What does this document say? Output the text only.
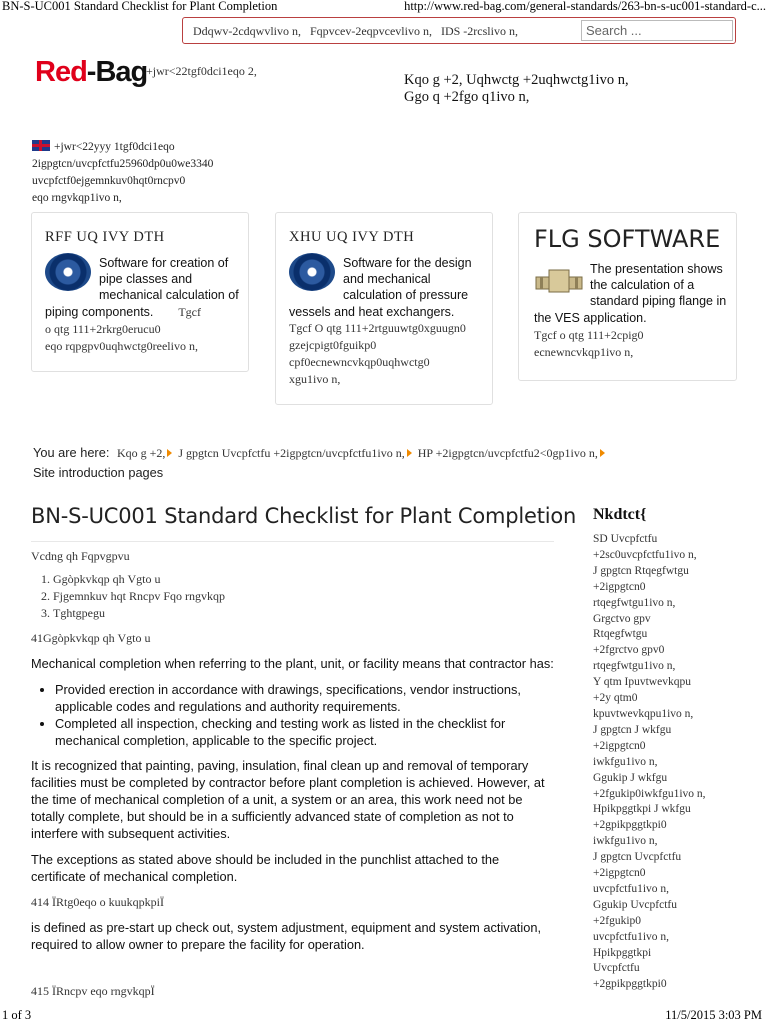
BN-S-UC001 Standard Checklist for Plant Completion	http://www.red-bag.com/general-standards/263-bn-s-uc001-standard-c...
Ddqwv-2cdqwvlivo n, Fqpvcev-2eqpvcevlivo n, IDS -2rcslivo n,	Search ...
Red-Bag
+jwr<22tgf0dci1eqo 2,
Kqo g +2, Uqhwctg +2uqhwctg1ivo n,
Ggo q +2fgo q1ivo n,
+jwr<22yyy 1tgf0dci1eqo
2igpgtcn/uvcpfctfu25960dp0u0we3340
uvcpfctf0ejgemnkuv0hqt0rncpv0
eqo rngvkqp1ivo n,
RFF UQ IVY DTH
Software for creation of pipe classes and mechanical calculation of piping components.	Tgcf
o qtg 111+2rkrg0erucu0
eqo rqpgpv0uqhwctg0reelivo n,
XHU UQ IVY DTH
Software for the design and mechanical calculation of pressure vessels and heat exchangers.
Tgcf O qtg 111+2rtguuwtg0xguugn0
gzejcpigt0fguikp0
cpf0ecnewncvkqp0uqhwctg0
xgu1ivo n,
FLG SOFTWARE
The presentation shows the calculation of a standard piping flange in the VES application.
Tgcf o qtg 111+2cpig0
ecnewncvkqp1ivo n,
You are here: Kqo g +2, J gpgtcn Uvcpfctfu +2igpgtcn/uvcpfctfu1ivo n, HP +2igpgtcn/uvcpfctfu2<0gp1ivo n,
Site introduction pages
BN-S-UC001 Standard Checklist for Plant Completion
Vcdng qh Fqpvgpvu
1. Ggòpkvkqp qh Vgto u
2. Fjgemnkuv hqt Rncpv Fqo rngvkqp
3. Tghtgpegu
41Ggòpkvkqp qh Vgto u

Mechanical completion when referring to the plant, unit, or facility means that contractor has:

• Provided erection in accordance with drawings, specifications, vendor instructions, applicable codes and regulations and authority requirements.
• Completed all inspection, checking and testing work as listed in the checklist for mechanical completion, applicable to the specific project.

It is recognized that painting, paving, insulation, final clean up and removal of temporary facilities must be completed by contractor before plant completion is achieved. However, at the time of mechanical completion of a unit, a system or an area, this work need not be totally complete, but should be in a sufficiently advanced state of completion as not to interfere with subsequent activities.

The exceptions as stated above should be included in the punchlist attached to the certificate of mechanical completion.

414 ÏRtg0eqo o kuukqpkpiÏ

is defined as pre-start up check out, system adjustment, equipment and system activation, required to allow owner to prepare the facility for operation.

415 ÏRncpv eqo rngvkqpÏ
Nkdtct{
SD Uvcpfctfu
+2sc0uvcpfctfu1ivo n,
J gpgtcn Rtqegfwtgu
+2igpgtcn0
rtqegfwtgu1ivo n,
Grgctvo gpv
Rtqegfwtgu
+2fgrctvo gpv0
rtqegfwtgu1ivo n,
Y qtm Ipuvtwevkqpu
+2y qtm0
kpuvtwevkqpu1ivo n,
J gpgtcn J wkfgu
+2igpgtcn0
iwkfgu1ivo n,
Ggukip J wkfgu
+2fgukip0iwkfgu1ivo n,
Hpikpggtkpi J wkfgu
+2gpikpggtkpi0
iwkfgu1ivo n,
J gpgtcn Uvcpfctfu
+2igpgtcn0
uvcpfctfu1ivo n,
Ggukip Uvcpfctfu
+2fgukip0
uvcpfctfu1ivo n,
Hpikpggtkpi
Uvcpfctfu
+2gpikpggtkpi0
1 of 3	11/5/2015 3:03 PM
